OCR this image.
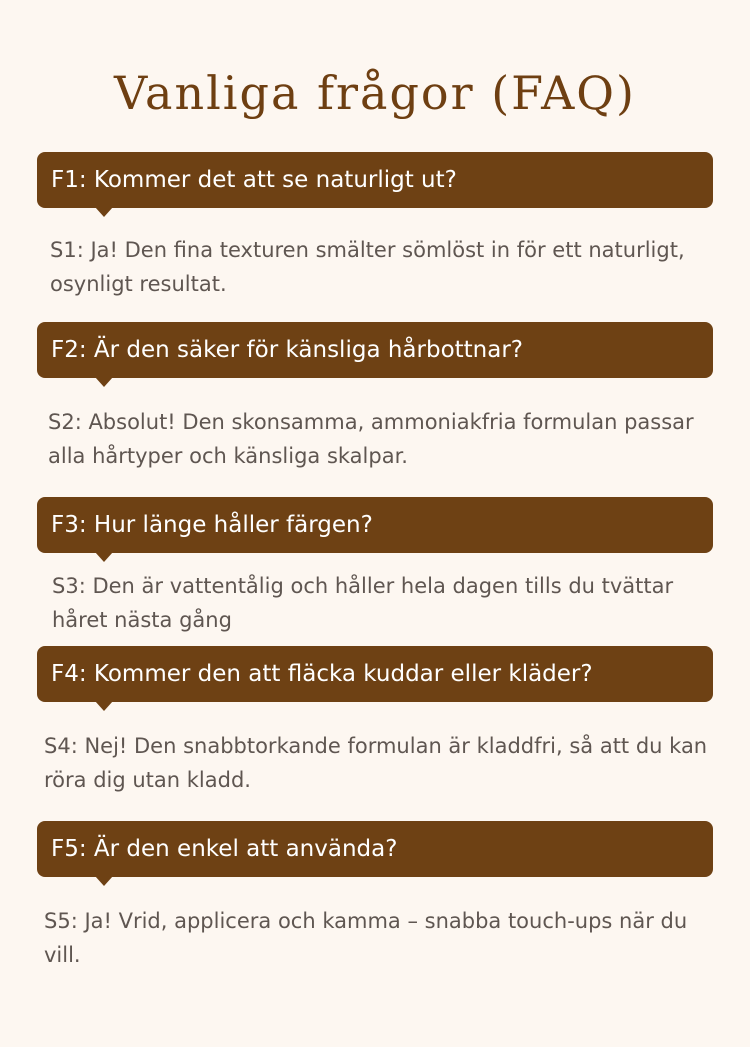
Vanliga frågor (FAQ)
F1: Kommer det att se naturligt ut?
S1: Ja! Den fina texturen smälter sömlöst in för ett naturligt, osynligt resultat.
F2: Är den säker för känsliga hårbottnar?
S2: Absolut! Den skonsamma, ammoniakfria formulan passar alla hårtyper och känsliga skalpar.
F3: Hur länge håller färgen?
S3: Den är vattentålig och håller hela dagen tills du tvättar håret nästa gång
F4: Kommer den att fläcka kuddar eller kläder?
S4: Nej! Den snabbtorkande formulan är kladdfri, så att du kan röra dig utan kladd.
F5: Är den enkel att använda?
S5: Ja! Vrid, applicera och kamma – snabba touch-ups när du vill.
